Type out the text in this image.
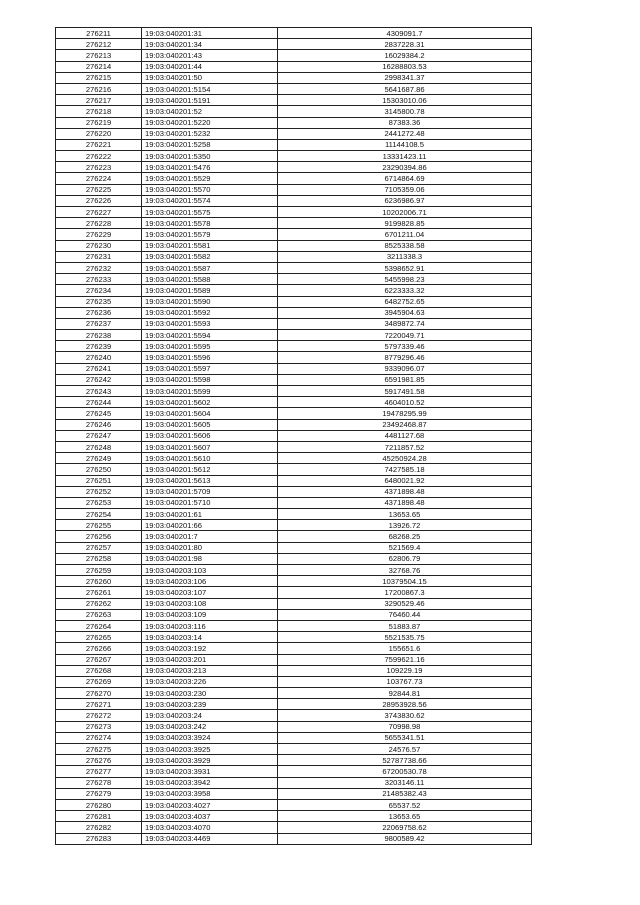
276211	19:03:040201:31	4309091.7
276212	19:03:040201:34	2837228.31
276213	19:03:040201:43	16029384.2
276214	19:03:040201:44	16288803.53
276215	19:03:040201:50	2998341.37
276216	19:03:040201:5154	5641687.86
276217	19:03:040201:5191	15303010.06
276218	19:03:040201:52	3145800.78
276219	19:03:040201:5220	87383.36
276220	19:03:040201:5232	2441272.48
276221	19:03:040201:5258	11144108.5
276222	19:03:040201:5350	13331423.11
276223	19:03:040201:5476	23290394.86
276224	19:03:040201:5529	6714864.69
276225	19:03:040201:5570	7105359.06
276226	19:03:040201:5574	6236986.97
276227	19:03:040201:5575	10202006.71
276228	19:03:040201:5578	9199828.85
276229	19:03:040201:5579	6701211.04
276230	19:03:040201:5581	8525338.58
276231	19:03:040201:5582	3211338.3
276232	19:03:040201:5587	5398652.91
276233	19:03:040201:5588	5455998.23
276234	19:03:040201:5589	6223333.32
276235	19:03:040201:5590	6482752.65
276236	19:03:040201:5592	3945904.63
276237	19:03:040201:5593	3489872.74
276238	19:03:040201:5594	7220049.71
276239	19:03:040201:5595	5797339.46
276240	19:03:040201:5596	8779296.46
276241	19:03:040201:5597	9339096.07
276242	19:03:040201:5598	6591981.85
276243	19:03:040201:5599	5917491.58
276244	19:03:040201:5602	4604010.52
276245	19:03:040201:5604	19478295.99
276246	19:03:040201:5605	23492468.87
276247	19:03:040201:5606	4481127.68
276248	19:03:040201:5607	7211857.52
276249	19:03:040201:5610	45250924.28
276250	19:03:040201:5612	7427585.18
276251	19:03:040201:5613	6480021.92
276252	19:03:040201:5709	4371898.48
276253	19:03:040201:5710	4371898.48
276254	19:03:040201:61	13653.65
276255	19:03:040201:66	13926.72
276256	19:03:040201:7	68268.25
276257	19:03:040201:80	521569.4
276258	19:03:040201:98	62806.79
276259	19:03:040203:103	32768.76
276260	19:03:040203:106	10379504.15
276261	19:03:040203:107	17200867.3
276262	19:03:040203:108	3290529.46
276263	19:03:040203:109	76460.44
276264	19:03:040203:116	51883.87
276265	19:03:040203:14	5521535.75
276266	19:03:040203:192	155651.6
276267	19:03:040203:201	7599621.16
276268	19:03:040203:213	109229.19
276269	19:03:040203:226	103767.73
276270	19:03:040203:230	92844.81
276271	19:03:040203:239	28953928.56
276272	19:03:040203:24	3743830.62
276273	19:03:040203:242	70998.98
276274	19:03:040203:3924	5655341.51
276275	19:03:040203:3925	24576.57
276276	19:03:040203:3929	52787738.66
276277	19:03:040203:3931	67200530.78
276278	19:03:040203:3942	3203146.11
276279	19:03:040203:3958	21485382.43
276280	19:03:040203:4027	65537.52
276281	19:03:040203:4037	13653.65
276282	19:03:040203:4070	22069758.62
276283	19:03:040203:4469	9800589.42
